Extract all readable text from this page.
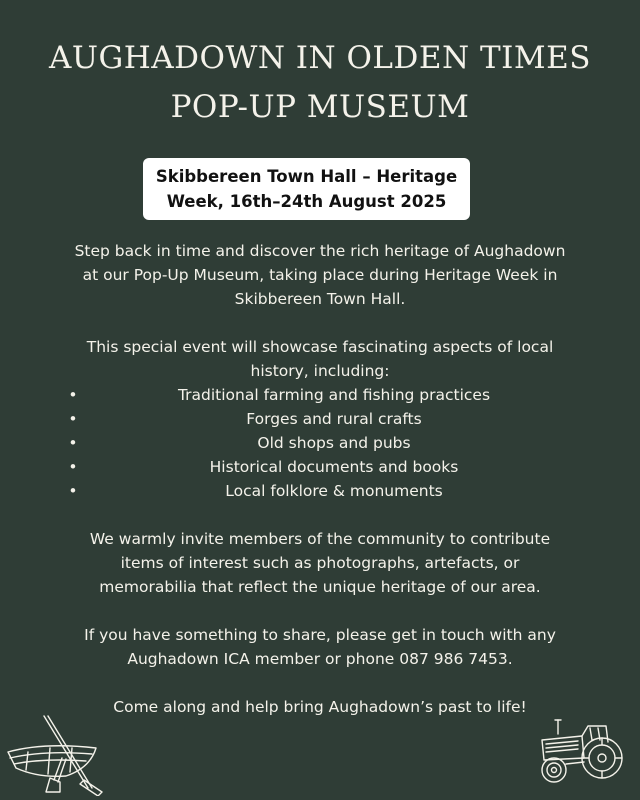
AUGHADOWN IN OLDEN TIMES
POP-UP MUSEUM
Skibbereen Town Hall – Heritage
Week, 16th–24th August 2025

Step back in time and discover the rich heritage of Aughadown
at our Pop-Up Museum, taking place during Heritage Week in
Skibbereen Town Hall.

This special event will showcase fascinating aspects of local
history, including:

•	Traditional farming and fishing practices
•	Forges and rural crafts
•	Old shops and pubs
•	Historical documents and books
•	Local folklore & monuments

We warmly invite members of the community to contribute
items of interest such as photographs, artefacts, or
memorabilia that reflect the unique heritage of our area.

If you have something to share, please get in touch with any
Aughadown ICA member or phone 087 986 7453.

Come along and help bring Aughadown’s past to life!
